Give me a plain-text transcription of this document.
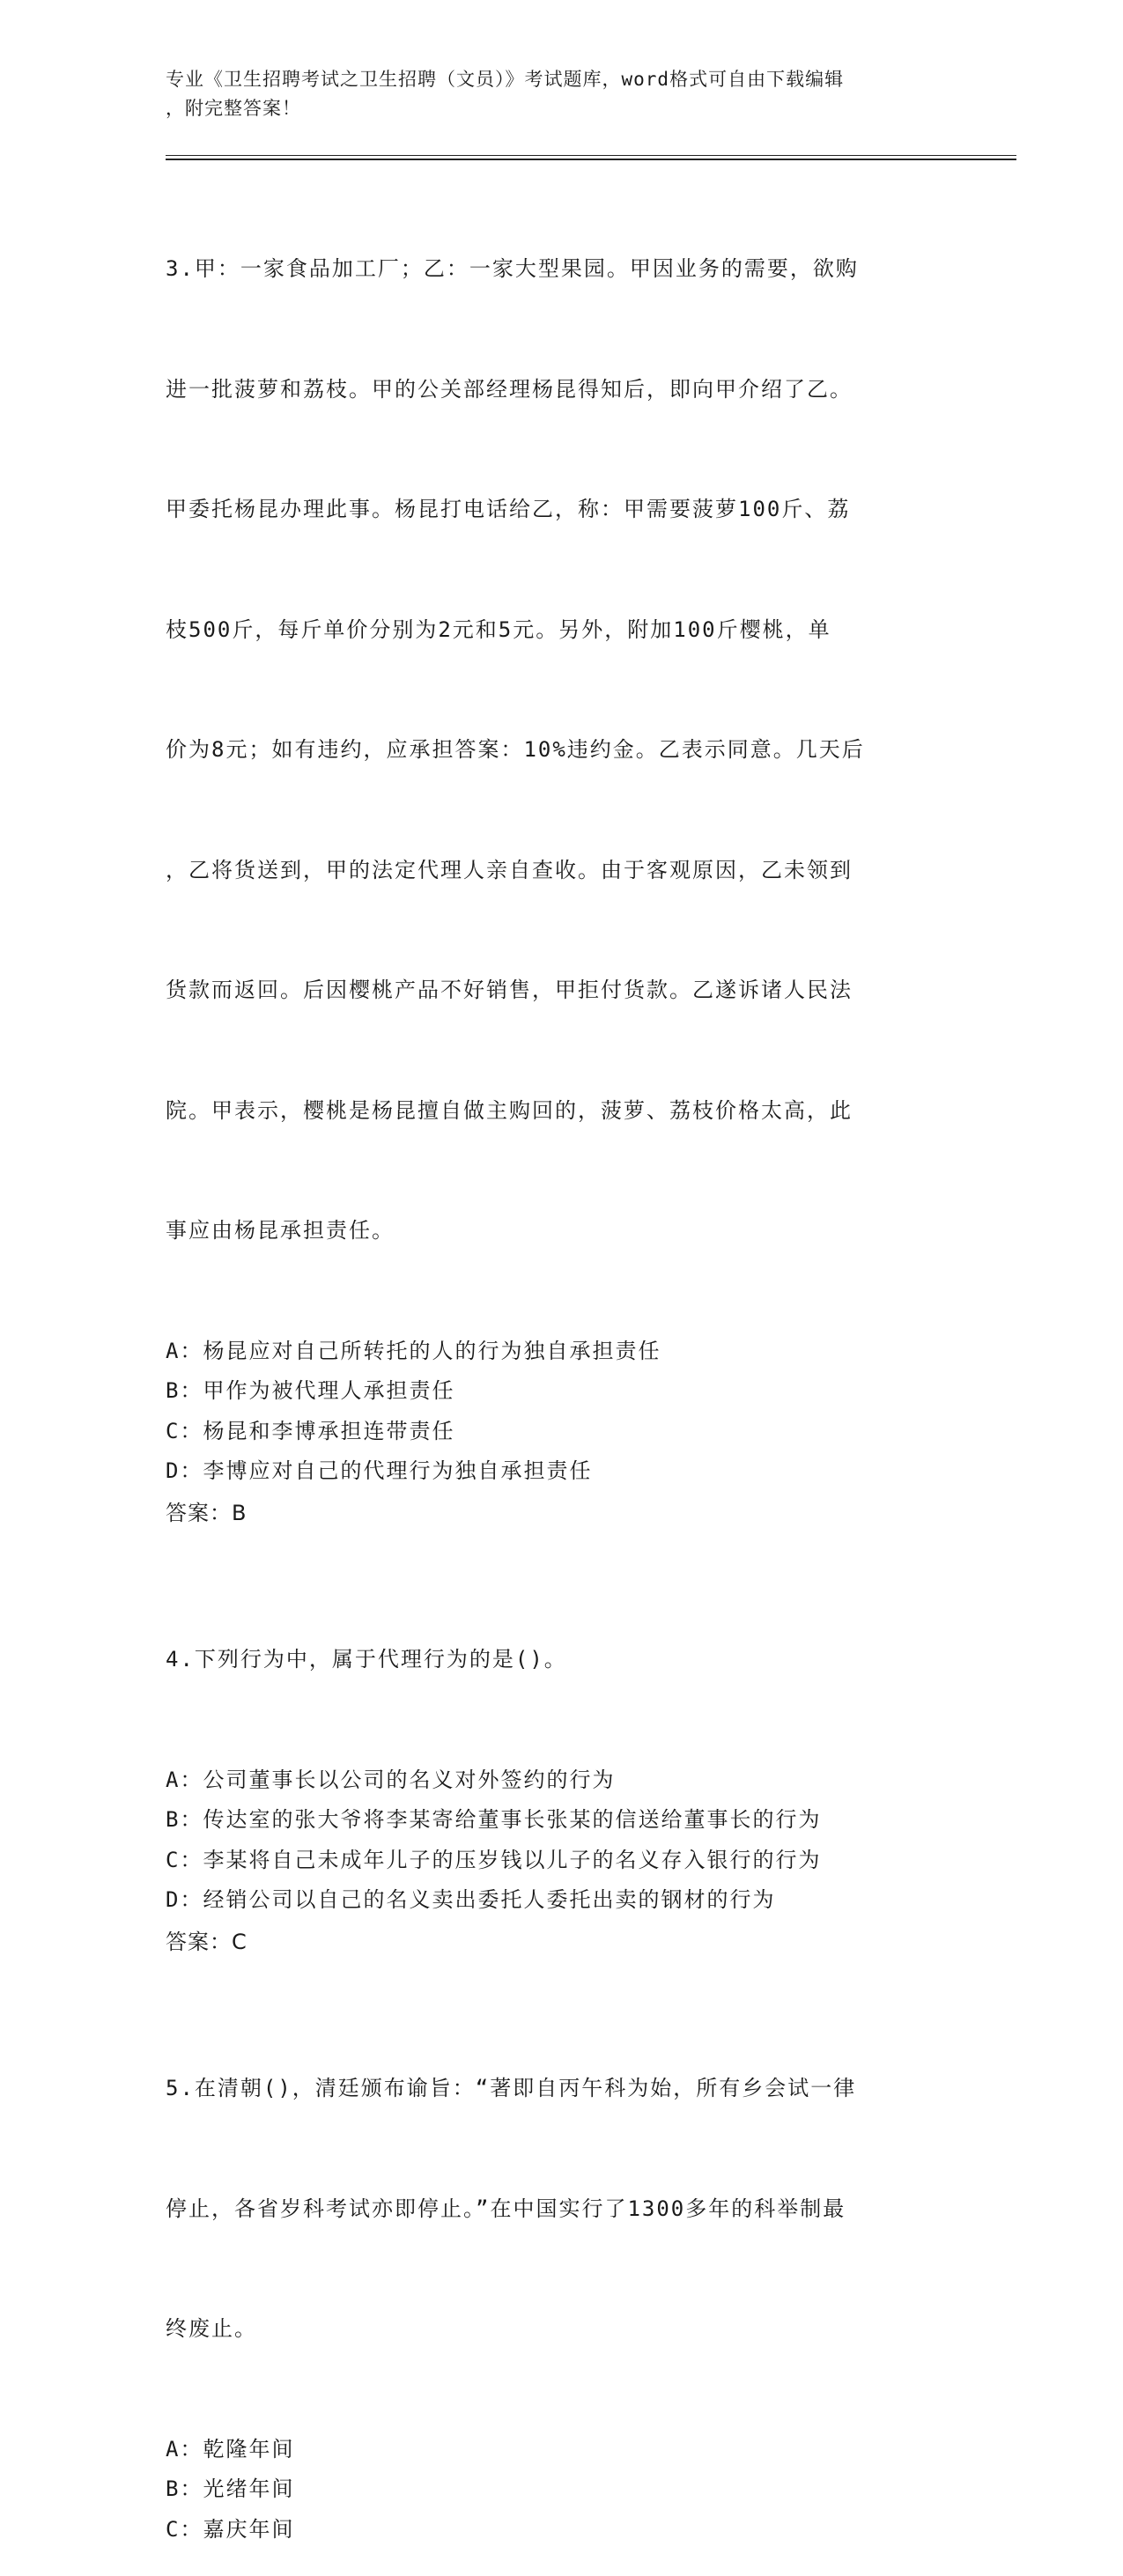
专业《卫生招聘考试之卫生招聘（文员）》考试题库，word格式可自由下载编辑
，附完整答案！

3.甲：一家食品加工厂；乙：一家大型果园。甲因业务的需要，欲购

进一批菠萝和荔枝。甲的公关部经理杨昆得知后，即向甲介绍了乙。

甲委托杨昆办理此事。杨昆打电话给乙，称：甲需要菠萝100斤、荔

枝500斤，每斤单价分别为2元和5元。另外，附加100斤樱桃，单

价为8元；如有违约，应承担答案：10%违约金。乙表示同意。几天后

，乙将货送到，甲的法定代理人亲自查收。由于客观原因，乙未领到

货款而返回。后因樱桃产品不好销售，甲拒付货款。乙遂诉诸人民法

院。甲表示，樱桃是杨昆擅自做主购回的，菠萝、荔枝价格太高，此

事应由杨昆承担责任。

A：杨昆应对自己所转托的人的行为独自承担责任
B：甲作为被代理人承担责任
C：杨昆和李博承担连带责任
D：李博应对自己的代理行为独自承担责任
答案：B

4.下列行为中，属于代理行为的是()。

A：公司董事长以公司的名义对外签约的行为
B：传达室的张大爷将李某寄给董事长张某的信送给董事长的行为
C：李某将自己未成年儿子的压岁钱以儿子的名义存入银行的行为
D：经销公司以自己的名义卖出委托人委托出卖的钢材的行为
答案：C

5.在清朝()，清廷颁布谕旨：“著即自丙午科为始，所有乡会试一律

停止，各省岁科考试亦即停止。”在中国实行了1300多年的科举制最

终废止。

A：乾隆年间
B：光绪年间
C：嘉庆年间
